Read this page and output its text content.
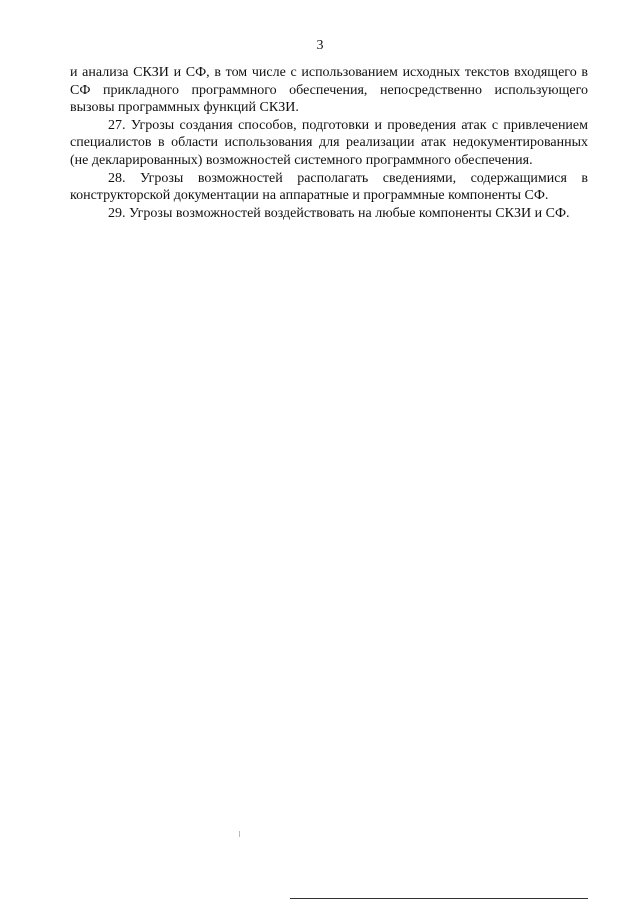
3

и анализа СКЗИ и СФ, в том числе с использованием исходных текстов входящего в СФ прикладного программного обеспечения, непосредственно использующего вызовы программных функций СКЗИ.

27. Угрозы создания способов, подготовки и проведения атак с привлечением специалистов в области использования для реализации атак недокументированных (не декларированных) возможностей системного программного обеспечения.

28. Угрозы возможностей располагать сведениями, содержащимися в конструкторской документации на аппаратные и программные компоненты СФ.

29. Угрозы возможностей воздействовать на любые компоненты СКЗИ и СФ.
